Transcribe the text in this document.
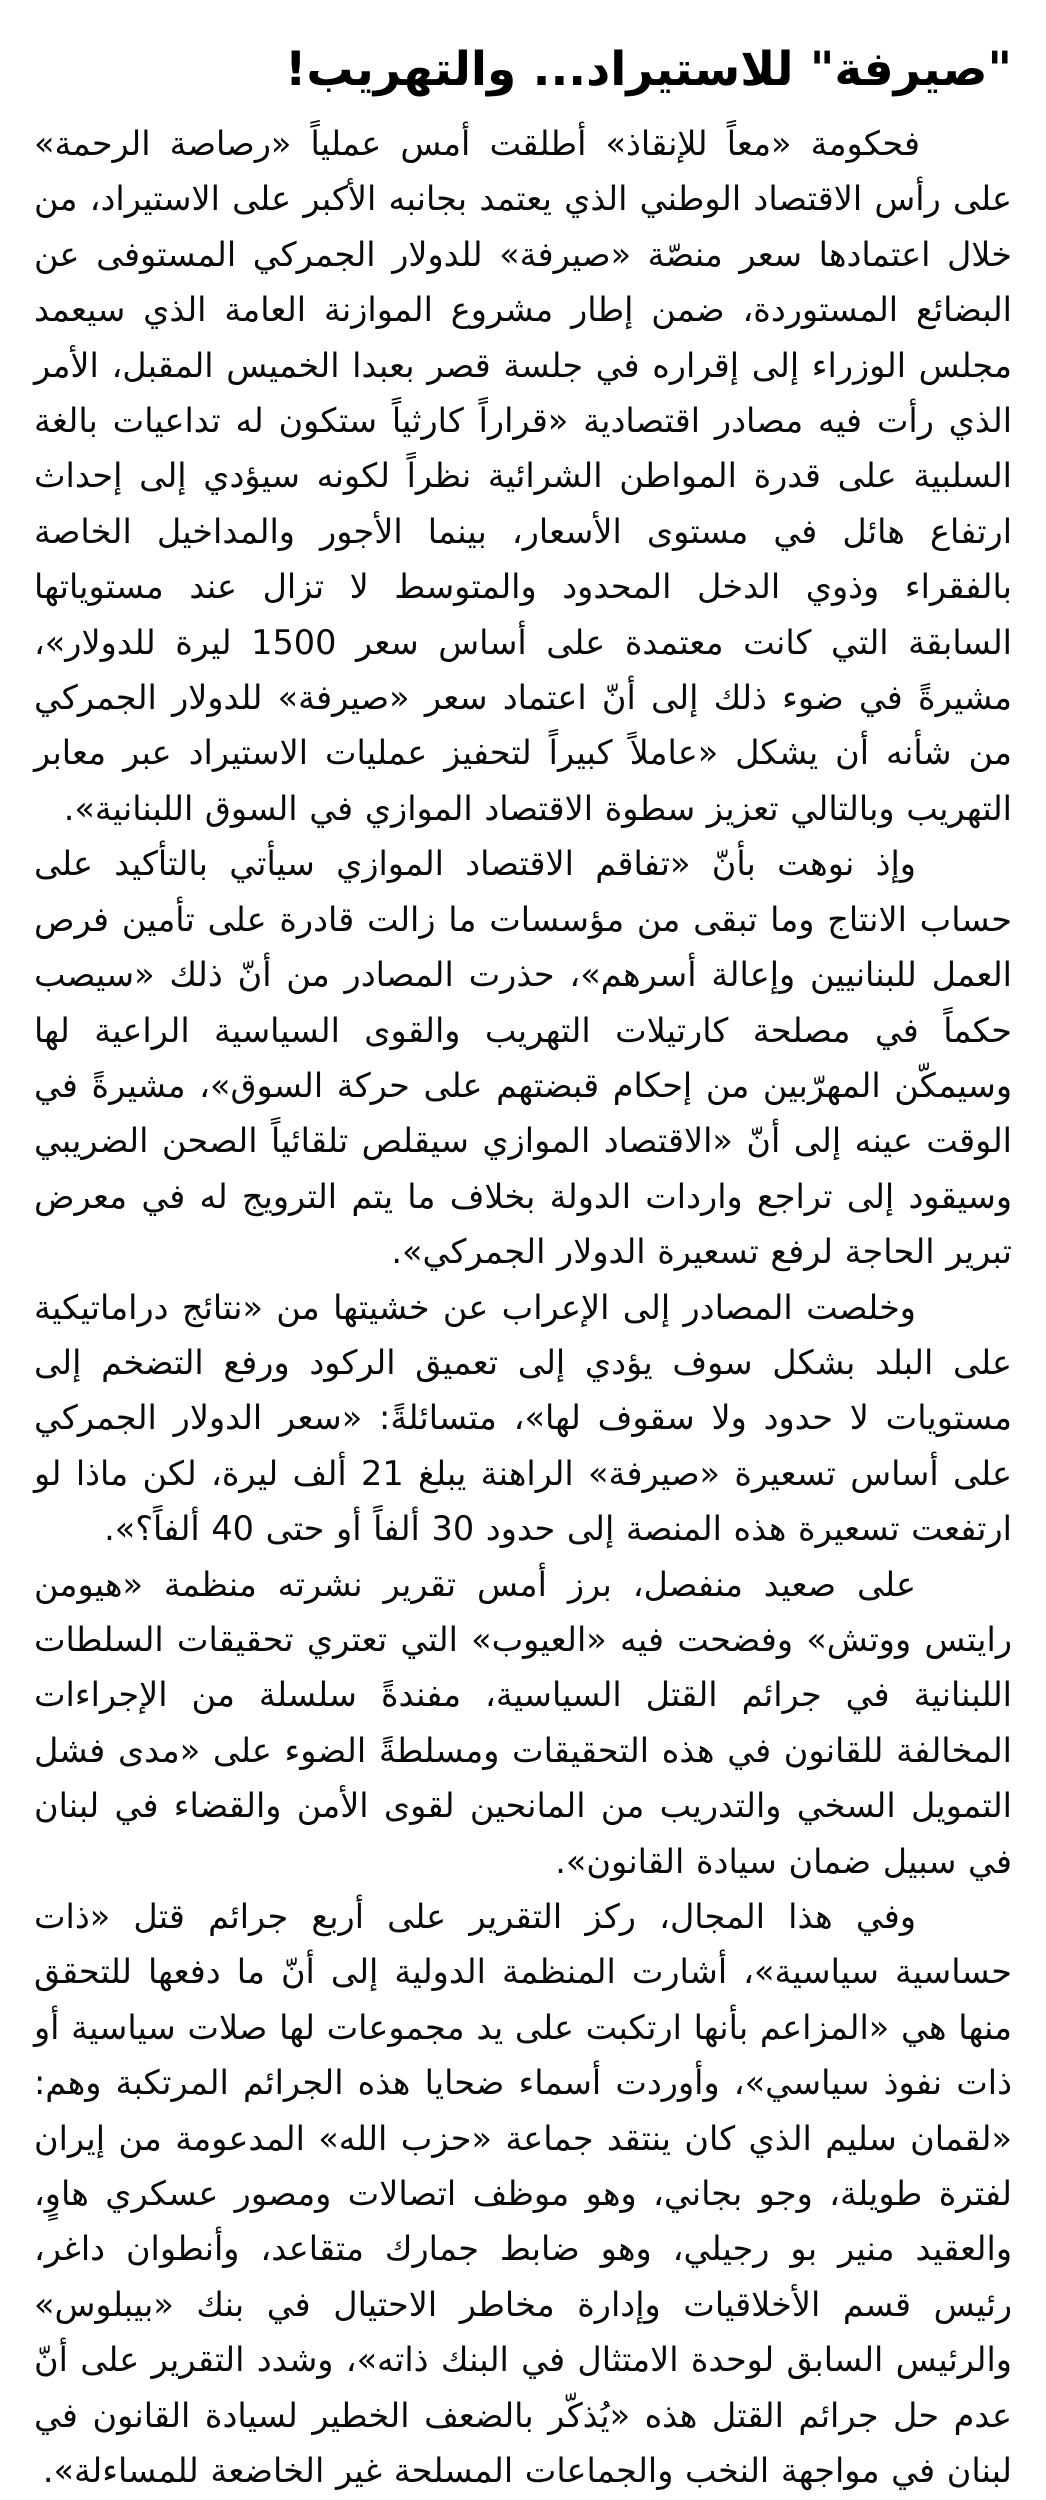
"صيرفة" للاستيراد... والتهريب!

فحكومة «معاً للإنقاذ» أطلقت أمس عملياً «رصاصة الرحمة» على رأس الاقتصاد الوطني الذي يعتمد بجانبه الأكبر على الاستيراد، من خلال اعتمادها سعر منصّة «صيرفة» للدولار الجمركي المستوفى عن البضائع المستوردة، ضمن إطار مشروع الموازنة العامة الذي سيعمد مجلس الوزراء إلى إقراره في جلسة قصر بعبدا الخميس المقبل، الأمر الذي رأت فيه مصادر اقتصادية «قراراً كارثياً ستكون له تداعيات بالغة السلبية على قدرة المواطن الشرائية نظراً لكونه سيؤدي إلى إحداث ارتفاع هائل في مستوى الأسعار، بينما الأجور والمداخيل الخاصة بالفقراء وذوي الدخل المحدود والمتوسط لا تزال عند مستوياتها السابقة التي كانت معتمدة على أساس سعر 1500 ليرة للدولار»، مشيرةً في ضوء ذلك إلى أنّ اعتماد سعر «صيرفة» للدولار الجمركي من شأنه أن يشكل «عاملاً كبيراً لتحفيز عمليات الاستيراد عبر معابر التهريب وبالتالي تعزيز سطوة الاقتصاد الموازي في السوق اللبنانية».

وإذ نوهت بأنّ «تفاقم الاقتصاد الموازي سيأتي بالتأكيد على حساب الانتاج وما تبقى من مؤسسات ما زالت قادرة على تأمين فرص العمل للبنانيين وإعالة أسرهم»، حذرت المصادر من أنّ ذلك «سيصب حكماً في مصلحة كارتيلات التهريب والقوى السياسية الراعية لها وسيمكّن المهرّبين من إحكام قبضتهم على حركة السوق»، مشيرةً في الوقت عينه إلى أنّ «الاقتصاد الموازي سيقلص تلقائياً الصحن الضريبي وسيقود إلى تراجع واردات الدولة بخلاف ما يتم الترويج له في معرض تبرير الحاجة لرفع تسعيرة الدولار الجمركي».

وخلصت المصادر إلى الإعراب عن خشيتها من «نتائج دراماتيكية على البلد بشكل سوف يؤدي إلى تعميق الركود ورفع التضخم إلى مستويات لا حدود ولا سقوف لها»، متسائلةً: «سعر الدولار الجمركي على أساس تسعيرة «صيرفة» الراهنة يبلغ 21 ألف ليرة، لكن ماذا لو ارتفعت تسعيرة هذه المنصة إلى حدود 30 ألفاً أو حتى 40 ألفاً؟».

على صعيد منفصل، برز أمس تقرير نشرته منظمة «هيومن رايتس ووتش» وفضحت فيه «العيوب» التي تعتري تحقيقات السلطات اللبنانية في جرائم القتل السياسية، مفندةً سلسلة من الإجراءات المخالفة للقانون في هذه التحقيقات ومسلطةً الضوء على «مدى فشل التمويل السخي والتدريب من المانحين لقوى الأمن والقضاء في لبنان في سبيل ضمان سيادة القانون».

وفي هذا المجال، ركز التقرير على أربع جرائم قتل «ذات حساسية سياسية»، أشارت المنظمة الدولية إلى أنّ ما دفعها للتحقق منها هي «المزاعم بأنها ارتكبت على يد مجموعات لها صلات سياسية أو ذات نفوذ سياسي»، وأوردت أسماء ضحايا هذه الجرائم المرتكبة وهم: «لقمان سليم الذي كان ينتقد جماعة «حزب الله» المدعومة من إيران لفترة طويلة، وجو بجاني، وهو موظف اتصالات ومصور عسكري هاوٍ، والعقيد منير بو رجيلي، وهو ضابط جمارك متقاعد، وأنطوان داغر، رئيس قسم الأخلاقيات وإدارة مخاطر الاحتيال في بنك «بيبلوس» والرئيس السابق لوحدة الامتثال في البنك ذاته»، وشدد التقرير على أنّ عدم حل جرائم القتل هذه «يُذكّر بالضعف الخطير لسيادة القانون في لبنان في مواجهة النخب والجماعات المسلحة غير الخاضعة للمساءلة».
